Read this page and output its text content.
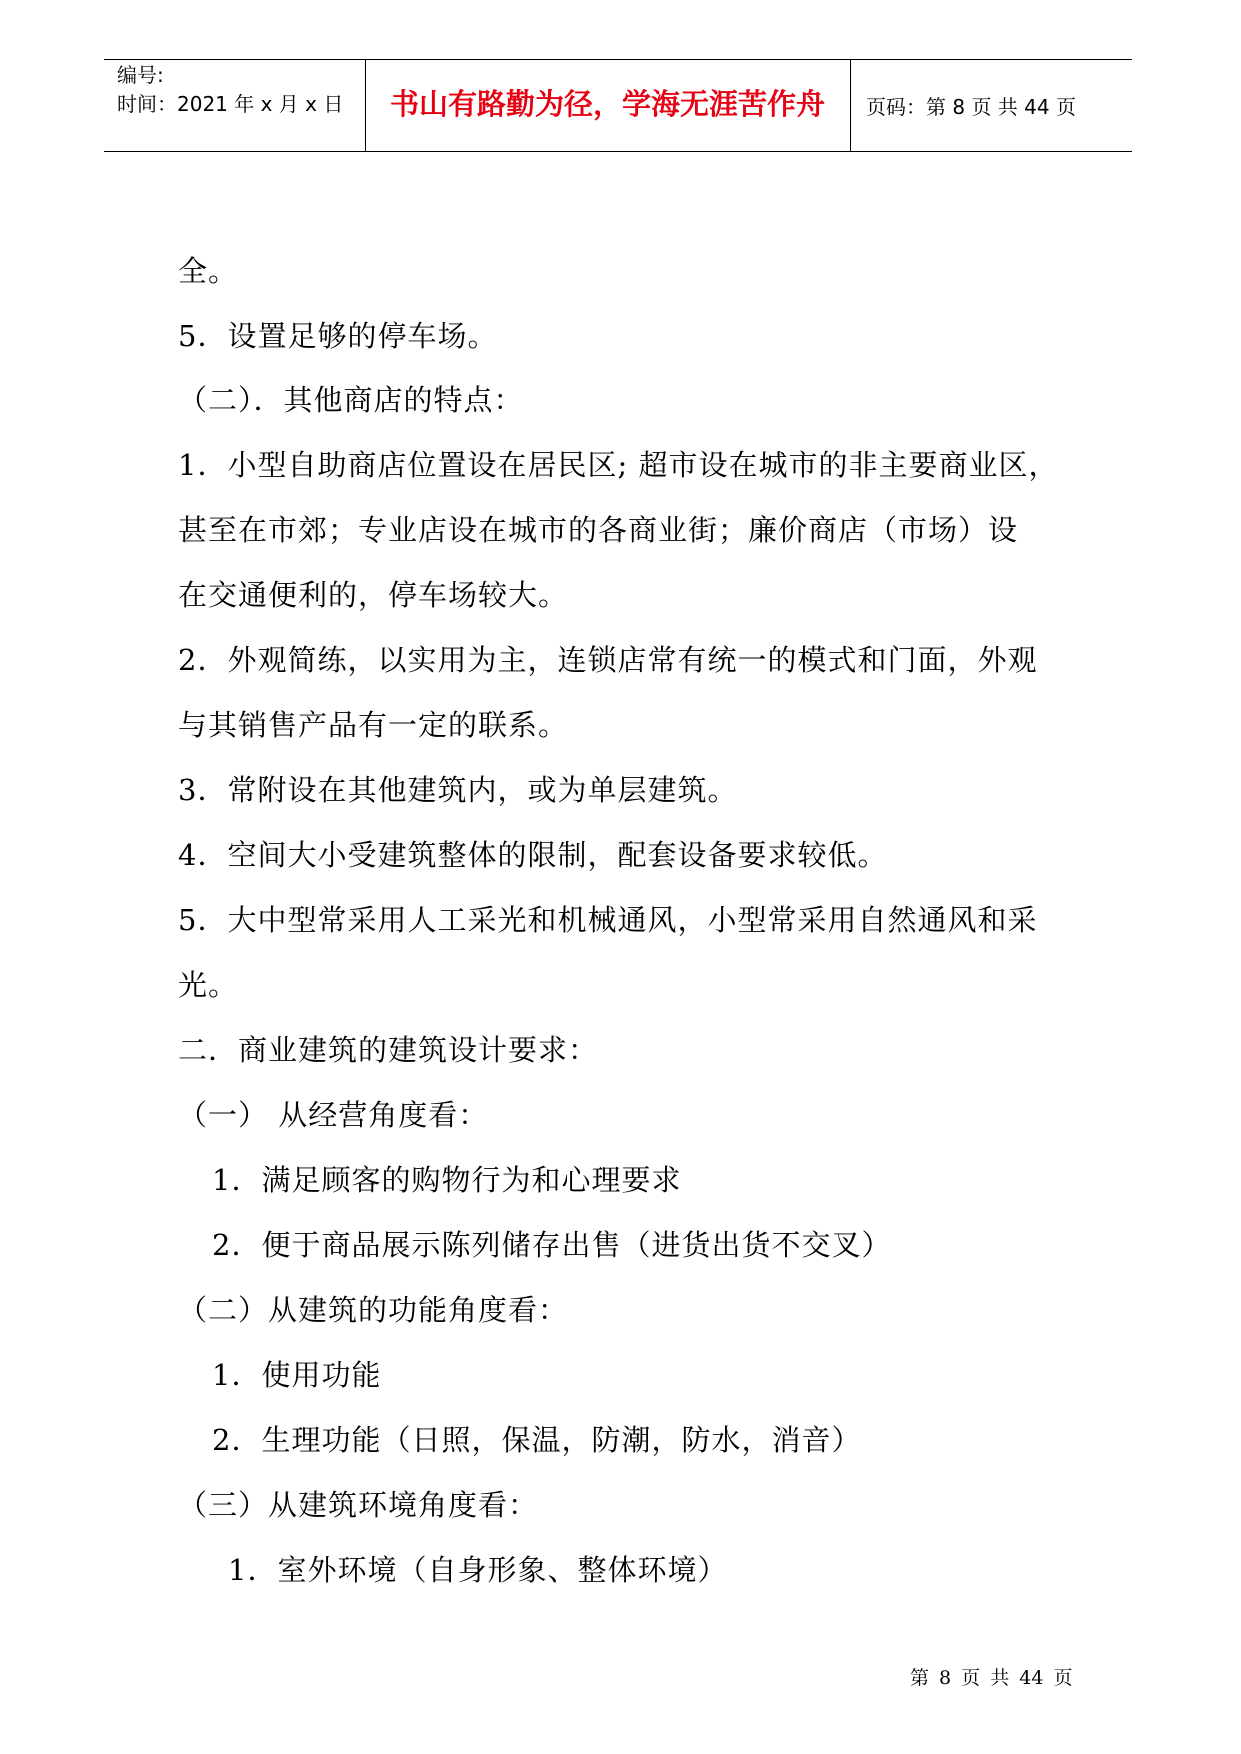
编号:
时间：2021 年 x 月 x 日	书山有路勤为径，学海无涯苦作舟	页码：第 8 页 共 44 页
全。
5．设置足够的停车场。
（二）．其他商店的特点：
1．小型自助商店位置设在居民区; 超市设在城市的非主要商业区，
甚至在市郊；专业店设在城市的各商业街；廉价商店（市场）设
在交通便利的，停车场较大。
2．外观简练，以实用为主，连锁店常有统一的模式和门面，外观
与其销售产品有一定的联系。
3．常附设在其他建筑内，或为单层建筑。
4．空间大小受建筑整体的限制，配套设备要求较低。
5．大中型常采用人工采光和机械通风，小型常采用自然通风和采
光。
二．商业建筑的建筑设计要求：
（一） 从经营角度看：
1．满足顾客的购物行为和心理要求
2．便于商品展示陈列储存出售（进货出货不交叉）
（二）从建筑的功能角度看：
1．使用功能
2．生理功能（日照，保温，防潮，防水，消音）
（三）从建筑环境角度看：
1．室外环境（自身形象、整体环境）
第 8 页 共 44 页
